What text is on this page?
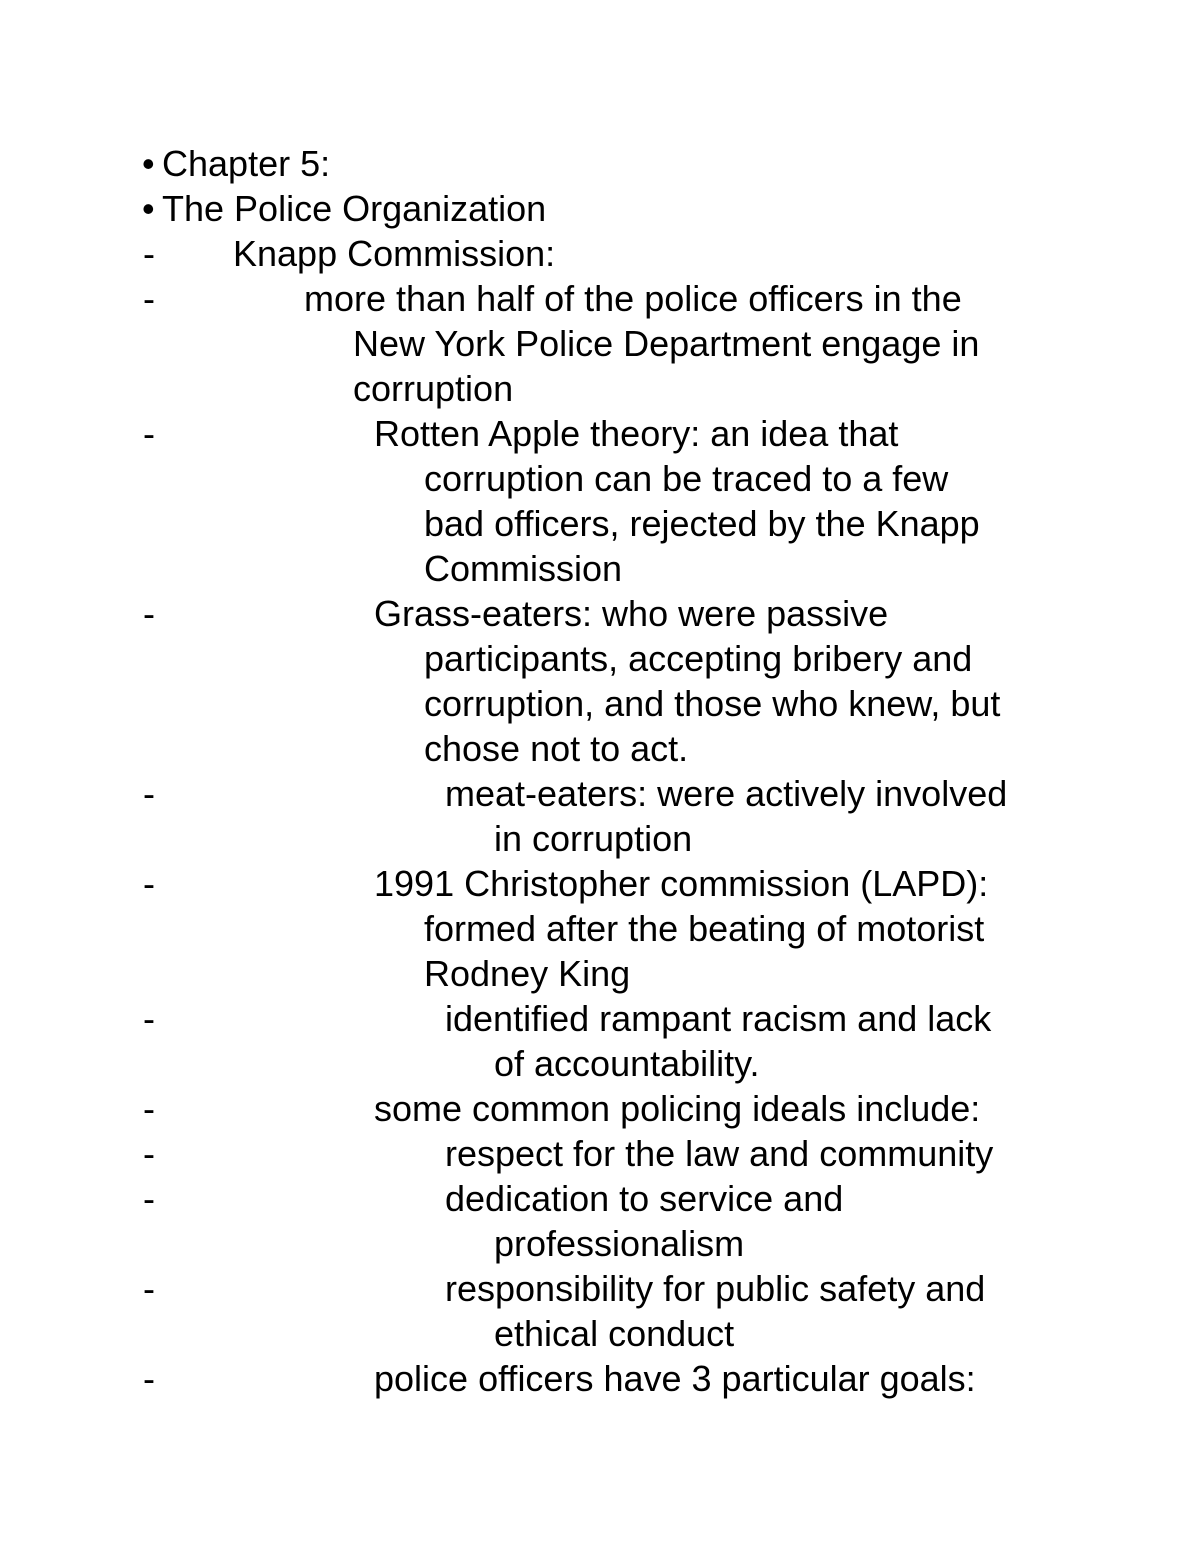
• Chapter 5:
• The Police Organization
- Knapp Commission:
-	more than half of the police officers in the
New York Police Department engage in
corruption
-	Rotten Apple theory: an idea that
corruption can be traced to a few
bad officers, rejected by the Knapp
Commission
-	Grass-eaters: who were passive
participants, accepting bribery and
corruption, and those who knew, but
chose not to act.
-	meat-eaters: were actively involved
in corruption
-	1991 Christopher commission (LAPD):
formed after the beating of motorist
Rodney King
-	identified rampant racism and lack
of accountability.
-	some common policing ideals include:
-	respect for the law and community
-	dedication to service and
professionalism
-	responsibility for public safety and
ethical conduct
-	police officers have 3 particular goals:
